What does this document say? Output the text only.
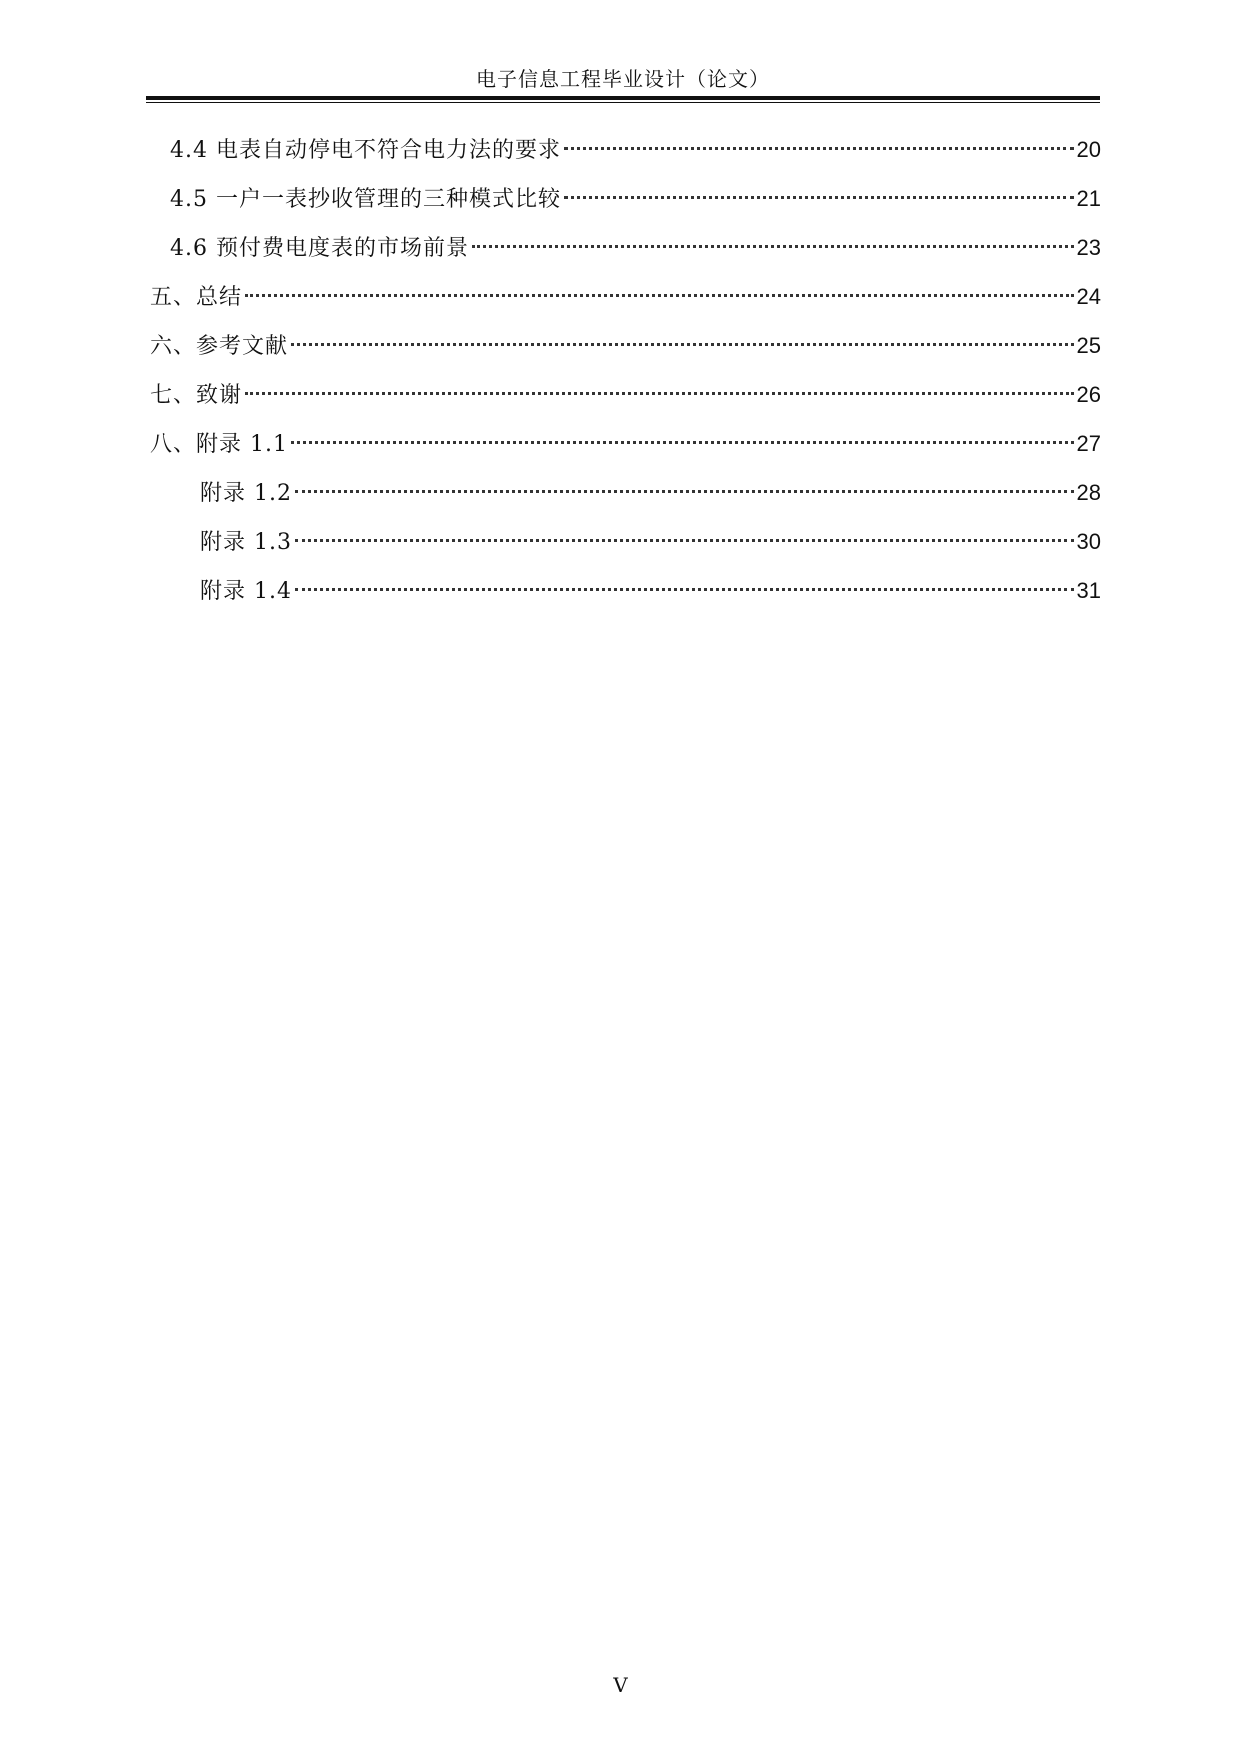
电子信息工程毕业设计（论文）
4.4 电表自动停电不符合电力法的要求	20
4.5 一户一表抄收管理的三种模式比较	21
4.6 预付费电度表的市场前景	23
五、总结	24
六、参考文献	25
七、致谢	26
八、附录 1.1	27
附录 1.2	28
附录 1.3	30
附录 1.4	31
V
